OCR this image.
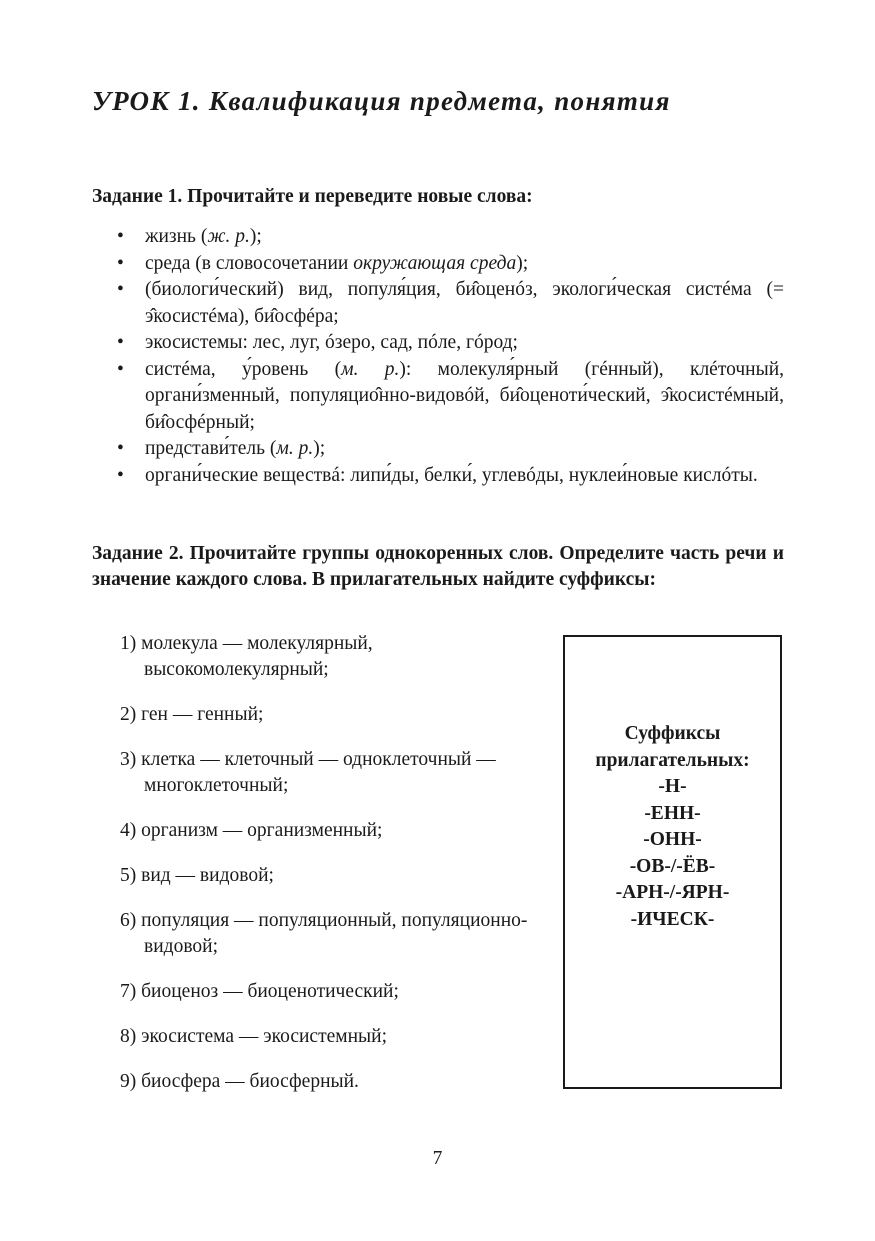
УРОК 1. Квалификация предмета, понятия
Задание 1. Прочитайте и переведите новые слова:
• жизнь (ж. р.);
• среда (в словосочетании окружающая среда);
• (биологи́ческий) вид, популя́ция, би̂оценóз, экологи́ческая систéма (= э̂косистéма), би̂осфéра;
• экосистемы: лес, луг, óзеро, сад, пóле, гóрод;
• систéма, у́ровень (м. р.): молекуля́рный (гéнный), клéточный, органи́зменный, популяцио̂нно-видовóй, би̂оценоти́ческий, э̂косистéмный, би̂осфéрный;
• представи́тель (м. р.);
• органи́ческие веществá: липи́ды, белки́, углевóды, нуклеи́новые кислóты.
Задание 2. Прочитайте группы однокоренных слов. Определите часть речи и значение каждого слова. В прилагательных найдите суффиксы:
1) молекула — молекулярный, высокомолекулярный;
2) ген — генный;
3) клетка — клеточный — одноклеточный — многоклеточный;
4) организм — организменный;
5) вид — видовой;
6) популяция — популяционный, популяционно-видовой;
7) биоценоз — биоценотический;
8) экосистема — экосистемный;
9) биосфера — биосферный.
Суффиксы
прилагательных:
-Н-
-ЕНН-
-ОНН-
-ОВ-/-ЁВ-
-АРН-/-ЯРН-
-ИЧЕСК-
7
